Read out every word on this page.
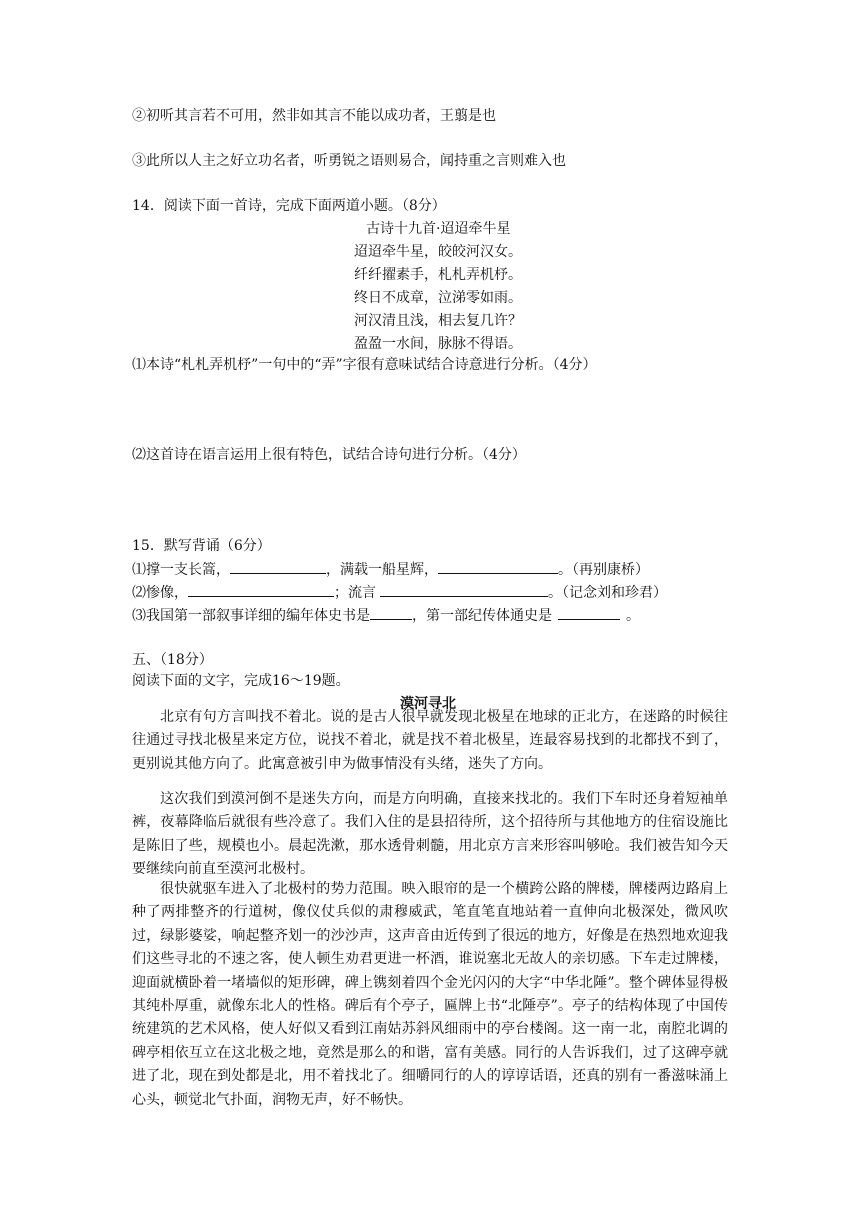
②初听其言若不可用，然非如其言不能以成功者，王翦是也
③此所以人主之好立功名者，听勇锐之语则易合，闻持重之言则难入也
14．阅读下面一首诗，完成下面两道小题。（8分）
古诗十九首·迢迢牵牛星
迢迢牵牛星，皎皎河汉女。
纤纤擢素手，札札弄机杼。
终日不成章，泣涕零如雨。
河汉清且浅，相去复几许？
盈盈一水间，脉脉不得语。
⑴本诗“札札弄机杼”一句中的“弄”字很有意味试结合诗意进行分析。（4分）
⑵这首诗在语言运用上很有特色，试结合诗句进行分析。（4分）
15．默写背诵（6分）
⑴撑一支长篙，	，满载一船星辉，	。（再别康桥）
⑵惨像，	；流言	。（记念刘和珍君）
⑶我国第一部叙事详细的编年体史书是	，第一部纪传体通史是	。
五、（18分）
阅读下面的文字，完成16～19题。
漠河寻北

北京有句方言叫找不着北。说的是古人很早就发现北极星在地球的正北方，在迷路的时候往往通过寻找北极星来定方位，说找不着北，就是找不着北极星，连最容易找到的北都找不到了，更别说其他方向了。此寓意被引申为做事情没有头绪，迷失了方向。

这次我们到漠河倒不是迷失方向，而是方向明确，直接来找北的。我们下车时还身着短袖单裤，夜幕降临后就很有些冷意了。我们入住的是县招待所，这个招待所与其他地方的住宿设施比是陈旧了些，规模也小。晨起洗漱，那水透骨刺髓，用北京方言来形容叫够呛。我们被告知今天要继续向前直至漠河北极村。

很快就驱车进入了北极村的势力范围。映入眼帘的是一个横跨公路的牌楼，牌楼两边路肩上种了两排整齐的行道树，像仪仗兵似的肃穆威武，笔直笔直地站着一直伸向北极深处，微风吹过，绿影婆娑，响起整齐划一的沙沙声，这声音由近传到了很远的地方，好像是在热烈地欢迎我们这些寻北的不速之客，使人顿生劝君更进一杯酒，谁说塞北无故人的亲切感。下车走过牌楼，迎面就横卧着一堵墙似的矩形碑，碑上镌刻着四个金光闪闪的大字“中华北陲”。整个碑体显得极其纯朴厚重，就像东北人的性格。碑后有个亭子，匾牌上书“北陲亭”。亭子的结构体现了中国传统建筑的艺术风格，使人好似又看到江南姑苏斜风细雨中的亭台楼阁。这一南一北，南腔北调的碑亭相依互立在这北极之地，竟然是那么的和谐，富有美感。同行的人告诉我们，过了这碑亭就进了北，现在到处都是北，用不着找北了。细嚼同行的人的谆谆话语，还真的别有一番滋味涌上心头，顿觉北气扑面，润物无声，好不畅快。
